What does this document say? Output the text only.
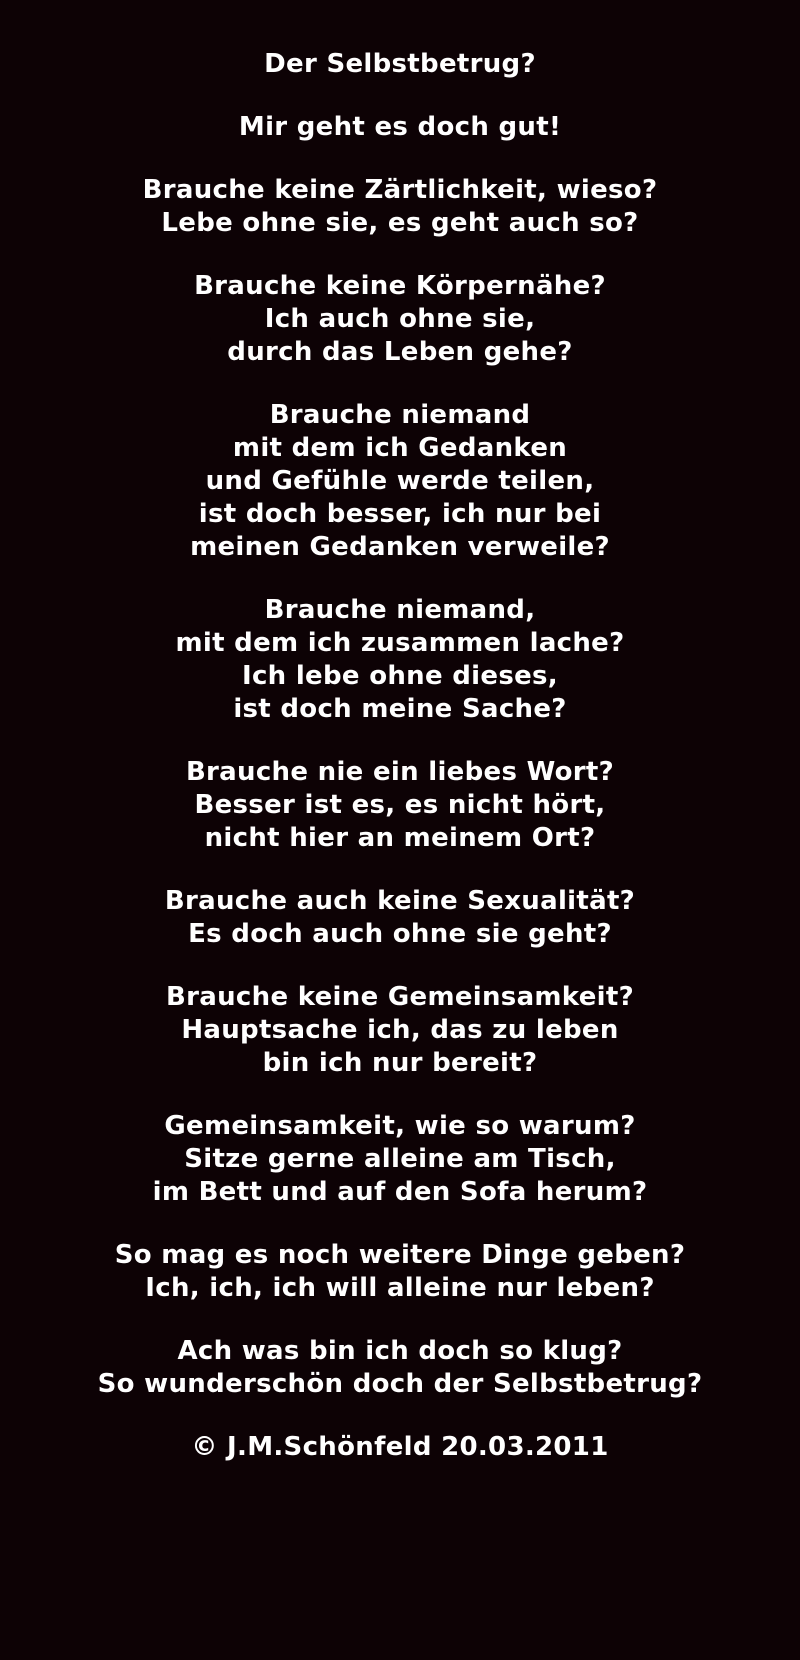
Der Selbstbetrug?
Mir geht es doch gut!
Brauche keine Zärtlichkeit, wieso?
Lebe ohne sie, es geht auch so?
Brauche keine Körpernähe?
Ich auch ohne sie,
durch das Leben gehe?
Brauche niemand
mit dem ich Gedanken
und Gefühle werde teilen,
ist doch besser, ich nur bei
meinen Gedanken verweile?
Brauche niemand,
mit dem ich zusammen lache?
Ich lebe ohne dieses,
ist doch meine Sache?
Brauche nie ein liebes Wort?
Besser ist es, es nicht hört,
nicht hier an meinem Ort?
Brauche auch keine Sexualität?
Es doch auch ohne sie geht?
Brauche keine Gemeinsamkeit?
Hauptsache ich, das zu leben
bin ich nur bereit?
Gemeinsamkeit, wie so warum?
Sitze gerne alleine am Tisch,
im Bett und auf den Sofa herum?
So mag es noch weitere Dinge geben?
Ich, ich, ich will alleine nur leben?
Ach was bin ich doch so klug?
So wunderschön doch der Selbstbetrug?
© J.M.Schönfeld 20.03.2011
